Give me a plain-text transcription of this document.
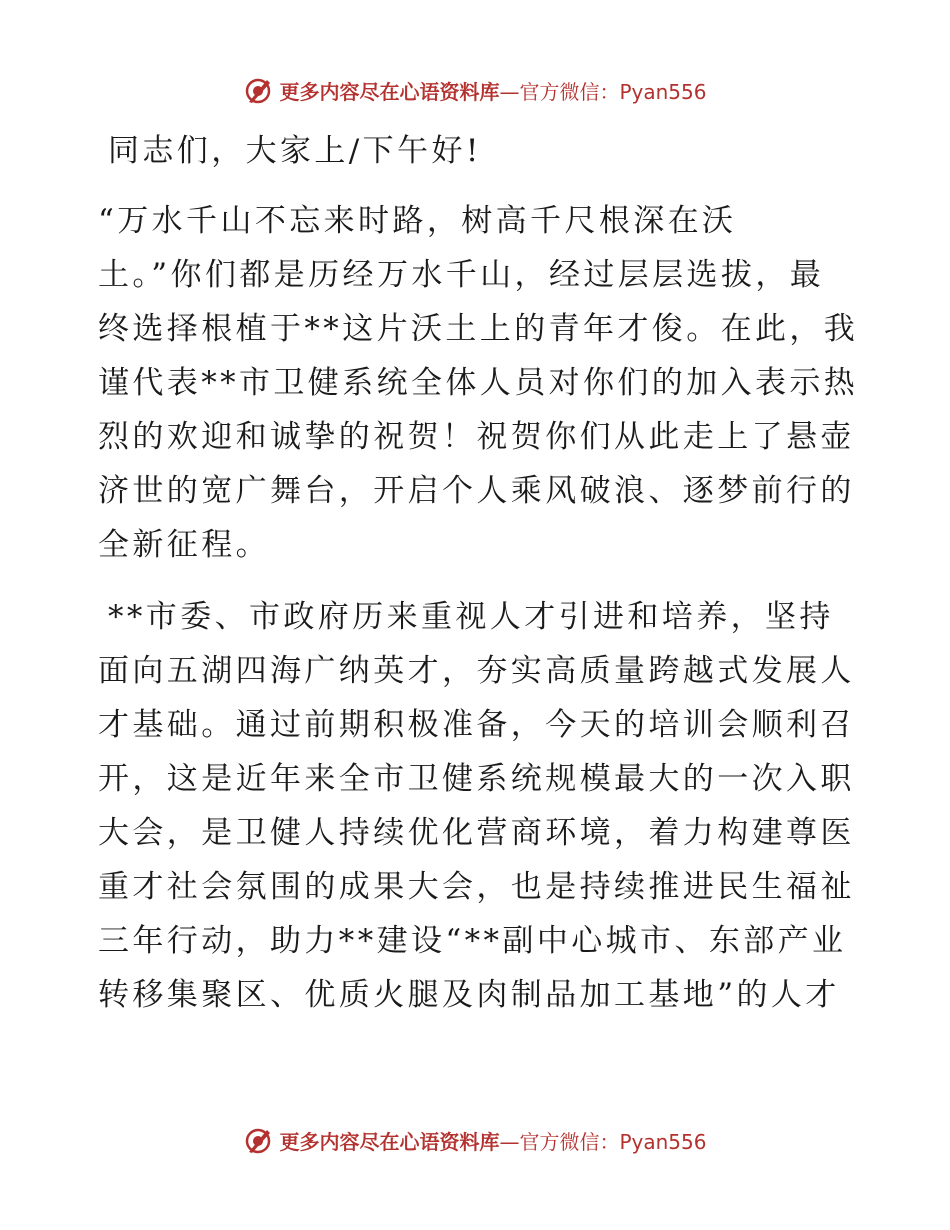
更多内容尽在心语资料库—官方微信：Pyan556

同志们，大家上/下午好!

“万水千山不忘来时路，树高千尺根深在沃
土。”你们都是历经万水千山，经过层层选拔，最
终选择根植于**这片沃土上的青年才俊。在此，我
谨代表**市卫健系统全体人员对你们的加入表示热
烈的欢迎和诚挚的祝贺！祝贺你们从此走上了悬壶
济世的宽广舞台，开启个人乘风破浪、逐梦前行的
全新征程。

**市委、市政府历来重视人才引进和培养，坚持
面向五湖四海广纳英才，夯实高质量跨越式发展人
才基础。通过前期积极准备，今天的培训会顺利召
开，这是近年来全市卫健系统规模最大的一次入职
大会，是卫健人持续优化营商环境，着力构建尊医
重才社会氛围的成果大会，也是持续推进民生福祉
三年行动，助力**建设“**副中心城市、东部产业
转移集聚区、优质火腿及肉制品加工基地”的人才

更多内容尽在心语资料库—官方微信：Pyan556
